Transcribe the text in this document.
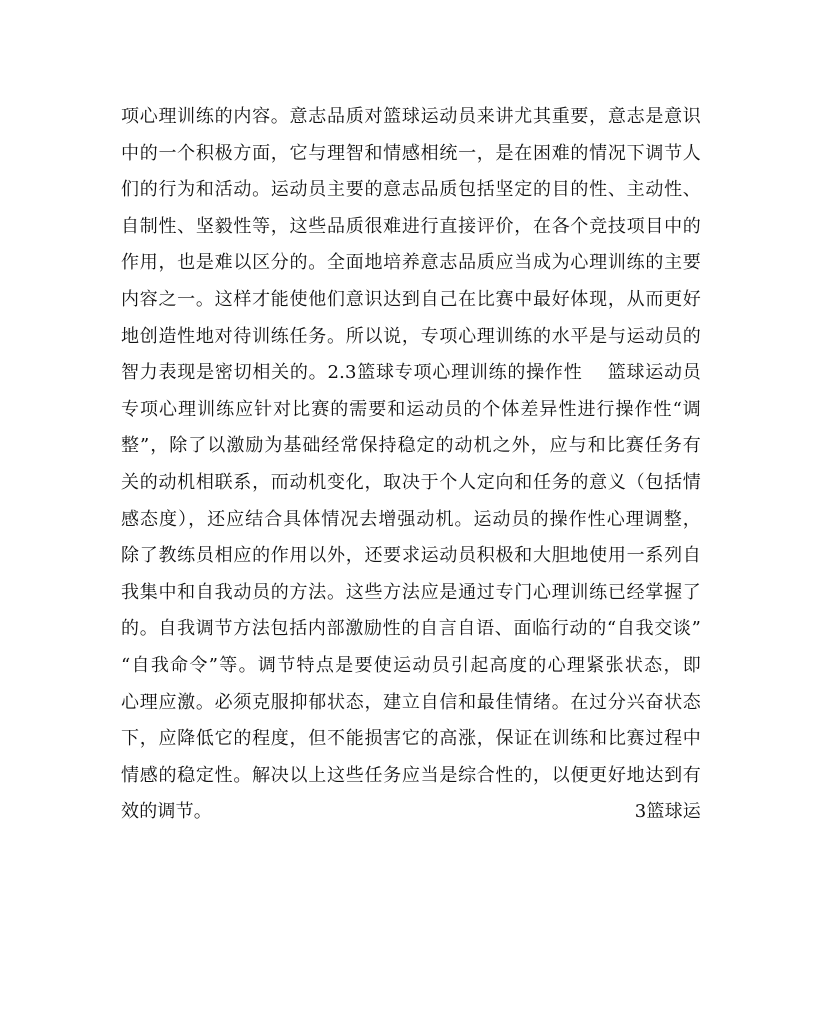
项心理训练的内容。意志品质对篮球运动员来讲尤其重要，意志是意识
中的一个积极方面，它与理智和情感相统一，是在困难的情况下调节人
们的行为和活动。运动员主要的意志品质包括坚定的目的性、主动性、
自制性、坚毅性等，这些品质很难进行直接评价，在各个竞技项目中的
作用，也是难以区分的。全面地培养意志品质应当成为心理训练的主要
内容之一。这样才能使他们意识达到自己在比赛中最好体现，从而更好
地创造性地对待训练任务。所以说，专项心理训练的水平是与运动员的
智力表现是密切相关的。2.3篮球专项心理训练的操作性　 篮球运动员
专项心理训练应针对比赛的需要和运动员的个体差异性进行操作性“调
整”，除了以激励为基础经常保持稳定的动机之外，应与和比赛任务有
关的动机相联系，而动机变化，取决于个人定向和任务的意义（包括情
感态度），还应结合具体情况去增强动机。运动员的操作性心理调整，
除了教练员相应的作用以外，还要求运动员积极和大胆地使用一系列自
我集中和自我动员的方法。这些方法应是通过专门心理训练已经掌握了
的。自我调节方法包括内部激励性的自言自语、面临行动的“自我交谈”
“自我命令”等。调节特点是要使运动员引起高度的心理紧张状态，即
心理应激。必须克服抑郁状态，建立自信和最佳情绪。在过分兴奋状态
下，应降低它的程度，但不能损害它的高涨，保证在训练和比赛过程中
情感的稳定性。解决以上这些任务应当是综合性的，以便更好地达到有
效的调节。	3篮球运
